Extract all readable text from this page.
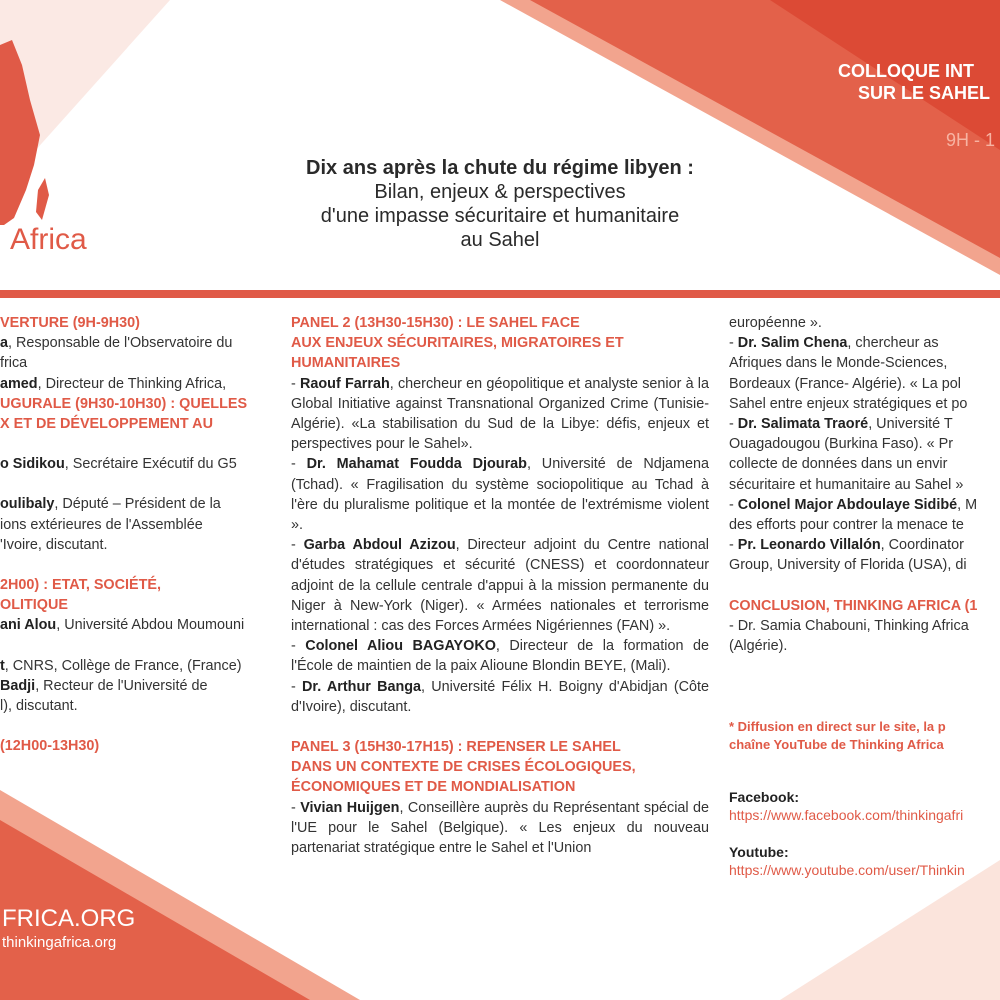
Africa
COLLOQUE INT
SUR LE SAHEL
9H - 1
Dix ans après la chute du régime libyen :
Bilan, enjeux & perspectives
d'une impasse sécuritaire et humanitaire
au Sahel

VERTURE (9H-9H30)

a, Responsable de l'Observatoire du

frica

amed, Directeur de Thinking Africa,

UGURALE (9H30-10H30) : QUELLES

X ET DE DÉVELOPPEMENT AU

o Sidikou, Secrétaire Exécutif du G5

oulibaly, Député – Président de la

ions extérieures de l'Assemblée

'Ivoire, discutant.

2H00) : ETAT, SOCIÉTÉ,

OLITIQUE

ani Alou, Université Abdou Moumouni

t, CNRS, Collège de France, (France)

Badji, Recteur de l'Université de

l), discutant.

(12H00-13H30)

PANEL 2 (13H30-15H30) : LE SAHEL FACE

AUX ENJEUX SÉCURITAIRES, MIGRATOIRES ET

HUMANITAIRES

- Raouf Farrah, chercheur en géopolitique et analyste senior à la Global Initiative against Transnational Organized Crime (Tunisie-Algérie). «La stabilisation du Sud de la Libye: défis, enjeux et perspectives pour le Sahel».

- Dr. Mahamat Foudda Djourab, Université de Ndjamena (Tchad). « Fragilisation du système sociopolitique au Tchad à l'ère du pluralisme politique et la montée de l'extrémisme violent ».

- Garba Abdoul Azizou, Directeur adjoint du Centre national d'études stratégiques et sécurité (CNESS) et coordonnateur adjoint de la cellule centrale d'appui à la mission permanente du Niger à New-York (Niger). « Armées nationales et terrorisme international : cas des Forces Armées Nigériennes (FAN) ».

- Colonel Aliou BAGAYOKO, Directeur de la formation de l'École de maintien de la paix Alioune Blondin BEYE, (Mali).

- Dr. Arthur Banga, Université Félix H. Boigny d'Abidjan (Côte d'Ivoire), discutant.

PANEL 3 (15H30-17H15) : REPENSER LE SAHEL

DANS UN CONTEXTE DE CRISES ÉCOLOGIQUES,

ÉCONOMIQUES ET DE MONDIALISATION

- Vivian Huijgen, Conseillère auprès du Représentant spécial de l'UE pour le Sahel (Belgique). « Les enjeux du nouveau partenariat stratégique entre le Sahel et l'Union

européenne ».

- Dr. Salim Chena, chercheur as

Afriques dans le Monde-Sciences,

Bordeaux (France- Algérie). « La pol

Sahel entre enjeux stratégiques et po

- Dr. Salimata Traoré, Université T

Ouagadougou (Burkina Faso). « Pr

collecte de données dans un envir

sécuritaire et humanitaire au Sahel »

- Colonel Major Abdoulaye Sidibé, M

des efforts pour contrer la menace te

- Pr. Leonardo Villalón, Coordinator

Group, University of Florida (USA), di

CONCLUSION, THINKING AFRICA (1

- Dr. Samia Chabouni, Thinking Africa

(Algérie).

* Diffusion en direct sur le site, la p
chaîne YouTube de Thinking Africa
Facebook:
https://www.facebook.com/thinkingafri
Youtube:
https://www.youtube.com/user/Thinkin
FRICA.ORG
thinkingafrica.org
